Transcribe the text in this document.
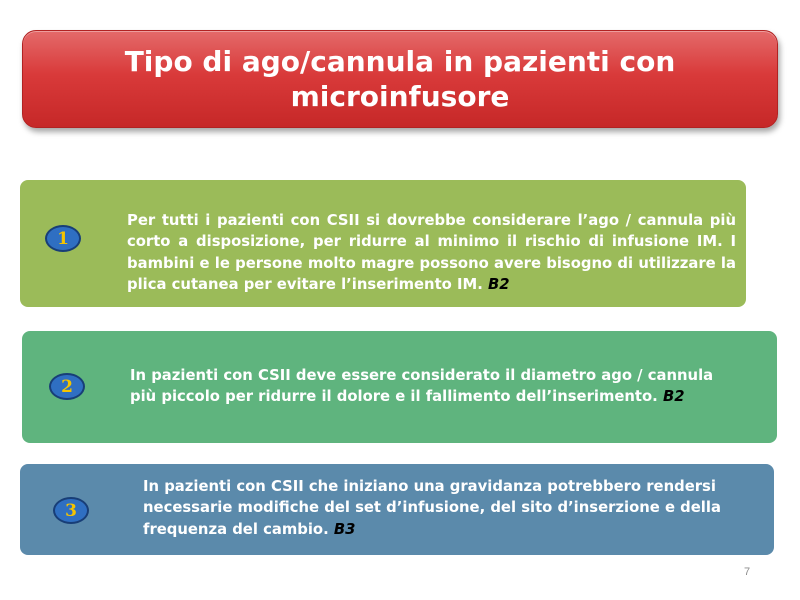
Tipo di ago/cannula in pazienti con microinfusore
1
Per tutti i pazienti con CSII si dovrebbe considerare l’ago / cannula più corto a disposizione, per ridurre al minimo il rischio di infusione IM. I bambini e le persone molto magre possono avere bisogno di utilizzare la plica cutanea per evitare l’inserimento IM. B2
2
In pazienti con CSII deve essere considerato il diametro ago / cannula più piccolo per ridurre il dolore e il fallimento dell’inserimento. B2
3
In pazienti con CSII che iniziano una gravidanza potrebbero rendersi necessarie modifiche del set d’infusione, del sito d’inserzione e della frequenza del cambio. B3
7
